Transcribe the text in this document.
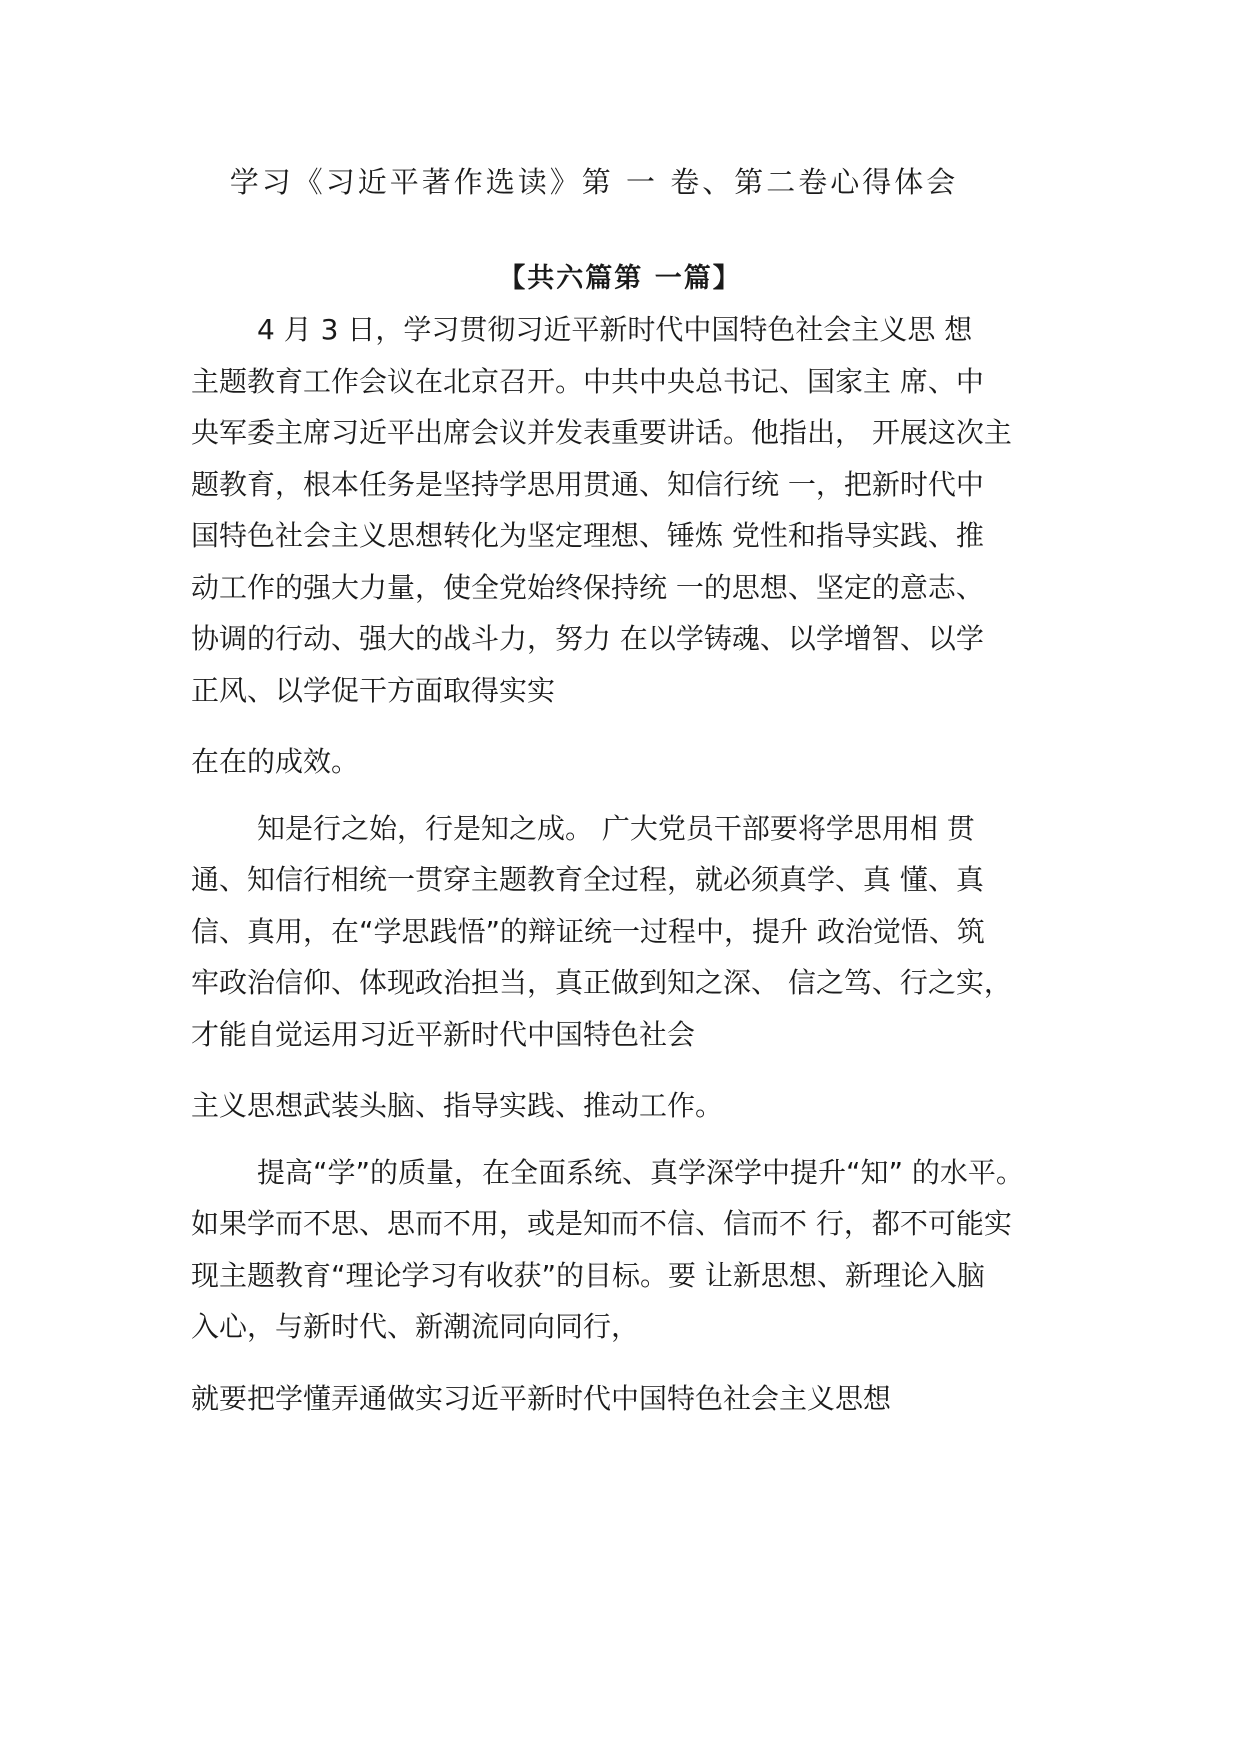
学习《习近平著作选读》第 一 卷、第二卷心得体会
【共六篇第 一篇】
4 月 3 日，学习贯彻习近平新时代中国特色社会主义思 想
主题教育工作会议在北京召开。中共中央总书记、国家主 席、中
央军委主席习近平出席会议并发表重要讲话。他指出， 开展这次主
题教育，根本任务是坚持学思用贯通、知信行统 一，把新时代中
国特色社会主义思想转化为坚定理想、锤炼 党性和指导实践、推
动工作的强大力量，使全党始终保持统 一的思想、坚定的意志、
协调的行动、强大的战斗力，努力 在以学铸魂、以学增智、以学
正风、以学促干方面取得实实
在在的成效。
知是行之始，行是知之成。 广大党员干部要将学思用相 贯
通、知信行相统一贯穿主题教育全过程，就必须真学、真 懂、真
信、真用，在“学思践悟”的辩证统一过程中，提升 政治觉悟、筑
牢政治信仰、体现政治担当，真正做到知之深、 信之笃、行之实，
才能自觉运用习近平新时代中国特色社会
主义思想武装头脑、指导实践、推动工作。
提高“学”的质量，在全面系统、真学深学中提升“知” 的水平。
如果学而不思、思而不用，或是知而不信、信而不 行，都不可能实
现主题教育“理论学习有收获”的目标。要 让新思想、新理论入脑
入心，与新时代、新潮流同向同行，
就要把学懂弄通做实习近平新时代中国特色社会主义思想
